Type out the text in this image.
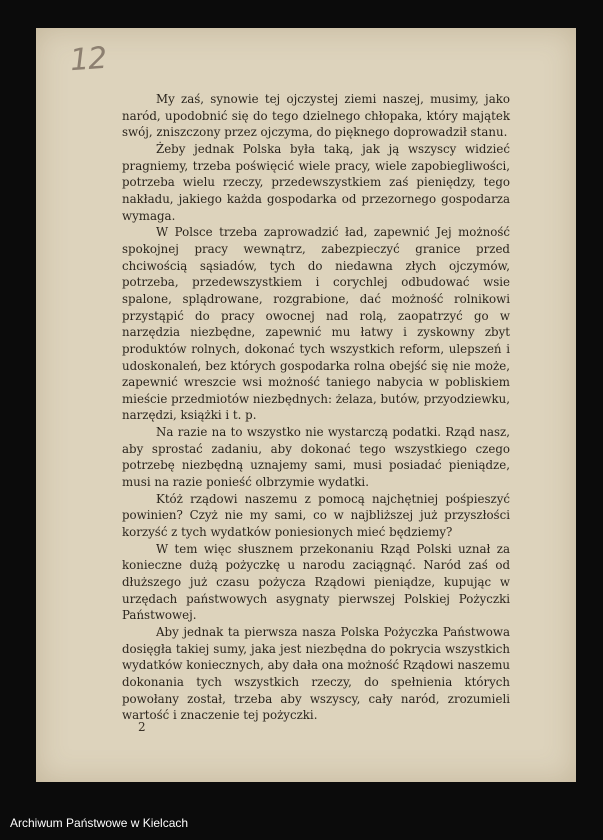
12

My zaś, synowie tej ojczystej ziemi naszej, musimy, jako naród, upodobnić się do tego dzielnego chłopaka, który majątek swój, zniszczony przez ojczyma, do pięknego doprowadził stanu.

Żeby jednak Polska była taką, jak ją wszyscy widzieć pragniemy, trzeba poświęcić wiele pracy, wiele zapobiegliwości, potrzeba wielu rzeczy, przedewszystkiem zaś pieniędzy, tego nakładu, jakiego każda gospodarka od przezornego gospodarza wymaga.

W Polsce trzeba zaprowadzić ład, zapewnić Jej możność spokojnej pracy wewnątrz, zabezpieczyć granice przed chciwością sąsiadów, tych do niedawna złych ojczymów, potrzeba, przedewszystkiem i corychlej odbudować wsie spalone, splądrowane, rozgrabione, dać możność rolnikowi przystąpić do pracy owocnej nad rolą, zaopatrzyć go w narzędzia niezbędne, zapewnić mu łatwy i zyskowny zbyt produktów rolnych, dokonać tych wszystkich reform, ulepszeń i udoskonaleń, bez których gospodarka rolna obejść się nie może, zapewnić wreszcie wsi możność taniego nabycia w pobliskiem mieście przedmiotów niezbędnych: żelaza, butów, przyodziewku, narzędzi, książki i t. p.

Na razie na to wszystko nie wystarczą podatki. Rząd nasz, aby sprostać zadaniu, aby dokonać tego wszystkiego czego potrzebę niezbędną uznajemy sami, musi posiadać pieniądze, musi na razie ponieść olbrzymie wydatki.

Któż rządowi naszemu z pomocą najchętniej pośpieszyć powinien? Czyż nie my sami, co w najbliższej już przyszłości korzyść z tych wydatków poniesionych mieć będziemy?

W tem więc słusznem przekonaniu Rząd Polski uznał za konieczne dużą pożyczkę u narodu zaciągnąć. Naród zaś od dłuższego już czasu pożycza Rządowi pieniądze, kupując w urzędach państwowych asygnaty pierwszej Polskiej Pożyczki Państwowej.

Aby jednak ta pierwsza nasza Polska Pożyczka Państwowa dosięgła takiej sumy, jaka jest niezbędna do pokrycia wszystkich wydatków koniecznych, aby dała ona możność Rządowi naszemu dokonania tych wszystkich rzeczy, do spełnienia których powołany został, trzeba aby wszyscy, cały naród, zrozumieli wartość i znaczenie tej pożyczki.

2
Archiwum Państwowe w Kielcach
